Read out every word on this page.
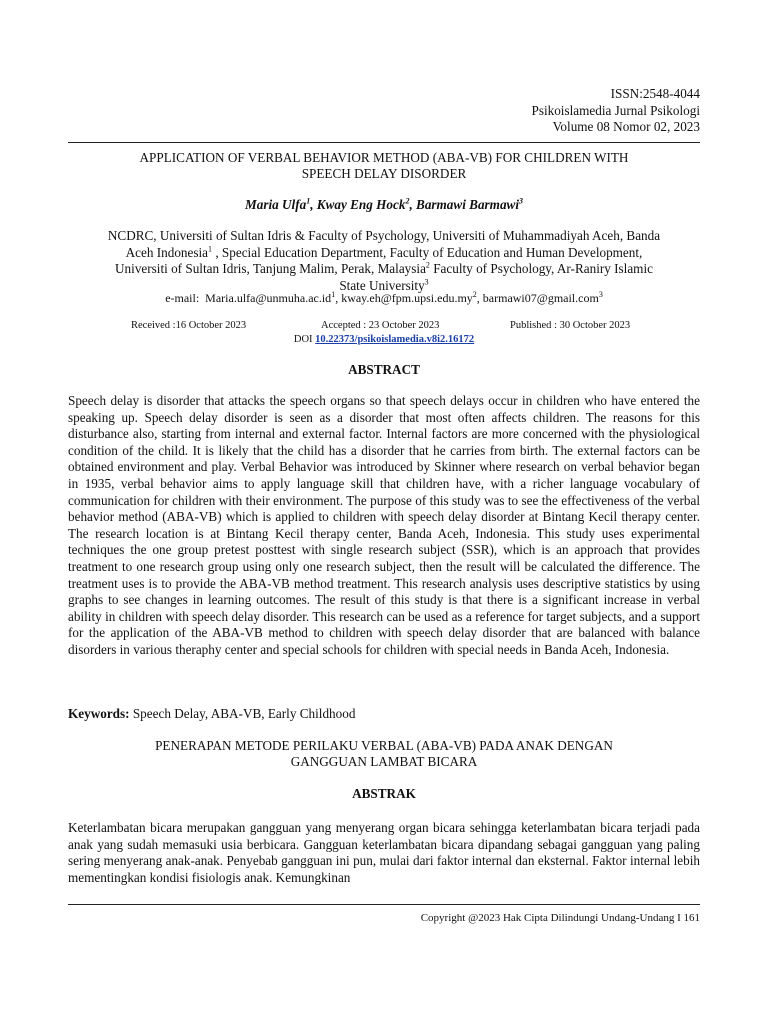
ISSN:2548-4044
Psikoislamedia Jurnal Psikologi
Volume 08 Nomor 02, 2023
APPLICATION OF VERBAL BEHAVIOR METHOD (ABA-VB) FOR CHILDREN WITH
SPEECH DELAY DISORDER
Maria Ulfa$^1$, Kway Eng Hock$^2$, Barmawi Barmawi$^3$
NCDRC, Universiti of Sultan Idris & Faculty of Psychology, Universiti of Muhammadiyah Aceh, Banda
Aceh Indonesia$^1$ , Special Education Department, Faculty of Education and Human Development,
Universiti of Sultan Idris, Tanjung Malim, Perak, Malaysia$^2$ Faculty of Psychology, Ar-Raniry Islamic
State University$^3$
e-mail: $Maria.ulfa@unmuha.ac.id^1$, $kway.eh@fpm.upsi.edu.my^2$, barmawi07@gmail.com$^3$
Received :16 October 2023	Accepted : 23 October 2023	Published : 30 October 2023
DOI 10.22373/psikoislamedia.v8i2.16172
ABSTRACT
Speech delay is disorder that attacks the speech organs so that speech delays occur in children who have entered the speaking up. Speech delay disorder is seen as a disorder that most often affects children. The reasons for this disturbance also, starting from internal and external factor. Internal factors are more concerned with the physiological condition of the child. It is likely that the child has a disorder that he carries from birth. The external factors can be obtained environment and play. Verbal Behavior was introduced by Skinner where research on verbal behavior began in 1935, verbal behavior aims to apply language skill that children have, with a richer language vocabulary of communication for children with their environment. The purpose of this study was to see the effectiveness of the verbal behavior method (ABA-VB) which is applied to children with speech delay disorder at Bintang Kecil therapy center. The research location is at Bintang Kecil therapy center, Banda Aceh, Indonesia. This study uses experimental techniques the one group pretest posttest with single research subject (SSR), which is an approach that provides treatment to one research group using only one research subject, then the result will be calculated the difference. The treatment uses is to provide the ABA-VB method treatment. This research analysis uses descriptive statistics by using graphs to see changes in learning outcomes. The result of this study is that there is a significant increase in verbal ability in children with speech delay disorder. This research can be used as a reference for target subjects, and a support for the application of the ABA-VB method to children with speech delay disorder that are balanced with balance disorders in various theraphy center and special schools for children with special needs in Banda Aceh, Indonesia.
Keywords: Speech Delay, ABA-VB, Early Childhood
PENERAPAN METODE PERILAKU VERBAL (ABA-VB) PADA ANAK DENGAN
GANGGUAN LAMBAT BICARA
ABSTRAK
Keterlambatan bicara merupakan gangguan yang menyerang organ bicara sehingga keterlambatan bicara terjadi pada anak yang sudah memasuki usia berbicara. Gangguan keterlambatan bicara dipandang sebagai gangguan yang paling sering menyerang anak-anak. Penyebab gangguan ini pun, mulai dari faktor internal dan eksternal. Faktor internal lebih mementingkan kondisi fisiologis anak. Kemungkinan
Copyright @2023 Hak Cipta Dilindungi Undang-Undang I 161
